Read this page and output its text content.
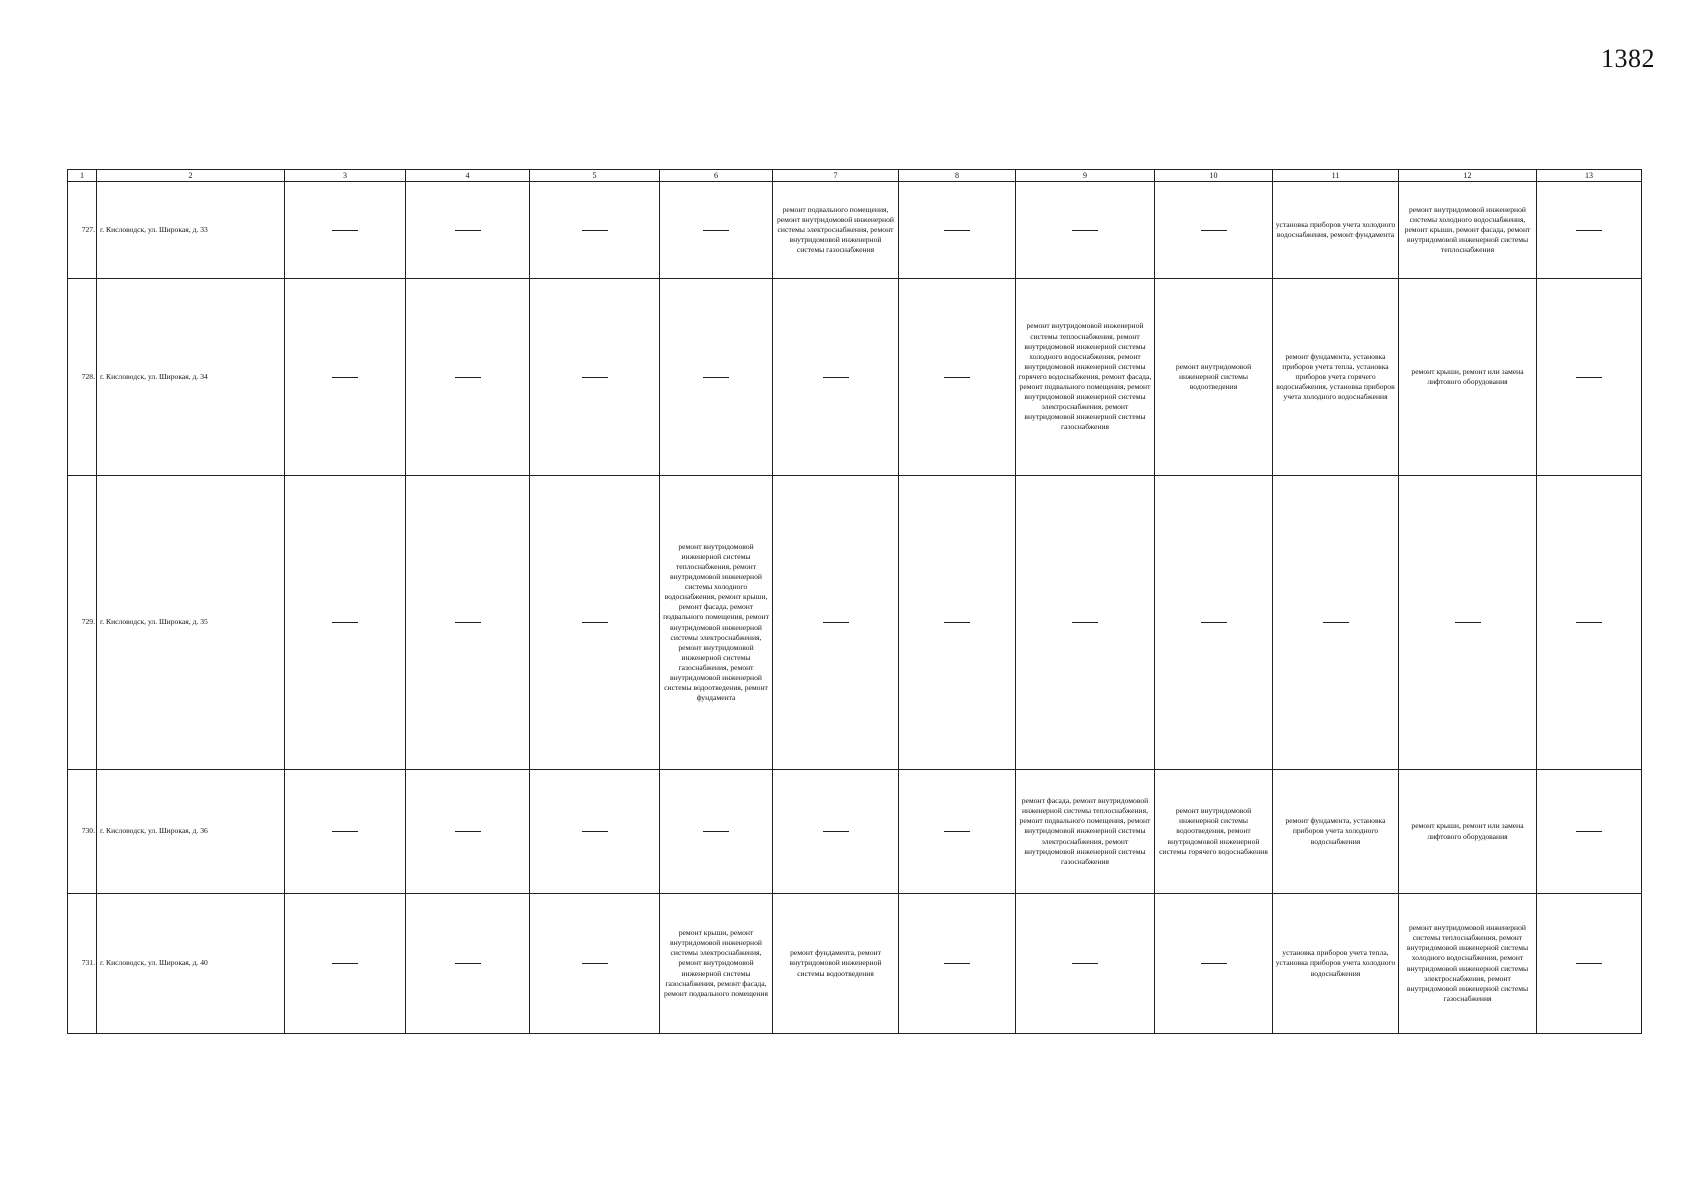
1382
1	2	3	4	5	6	7	8	9	10	11	12	13
727.	г. Кисловодск, ул. Широкая, д. 33					ремонт подвального помещения, ремонт внутридомовой инженерной системы электроснабжения, ремонт внутридомовой инженерной системы газоснабжения				установка приборов учета холодного водоснабжения, ремонт фундамента	ремонт внутридомовой инженерной системы холодного водоснабжения, ремонт крыши, ремонт фасада, ремонт внутридомовой инженерной системы теплоснабжения	
728.	г. Кисловодск, ул. Широкая, д. 34							ремонт внутридомовой инженерной системы теплоснабжения, ремонт внутридомовой инженерной системы холодного водоснабжения, ремонт внутридомовой инженерной системы горячего водоснабжения, ремонт фасада, ремонт подвального помещения, ремонт внутридомовой инженерной системы электроснабжения, ремонт внутридомовой инженерной системы газоснабжения	ремонт внутридомовой инженерной системы водоотведения	ремонт фундамента, установка приборов учета тепла, установка приборов учета горячего водоснабжения, установка приборов учета холодного водоснабжения	ремонт крыши, ремонт или замена лифтового оборудования	
729.	г. Кисловодск, ул. Широкая, д. 35				ремонт внутридомовой инженерной системы теплоснабжения, ремонт внутридомовой инженерной системы холодного водоснабжения, ремонт крыши, ремонт фасада, ремонт подвального помещения, ремонт внутридомовой инженерной системы электроснабжения, ремонт внутридомовой инженерной системы газоснабжения, ремонт внутридомовой инженерной системы водоотведения, ремонт фундамента							
730.	г. Кисловодск, ул. Широкая, д. 36							ремонт фасада, ремонт внутридомовой инженерной системы теплоснабжения, ремонт подвального помещения, ремонт внутридомовой инженерной системы электроснабжения, ремонт внутридомовой инженерной системы газоснабжения	ремонт внутридомовой инженерной системы водоотведения, ремонт внутридомовой инженерной системы горячего водоснабжения	ремонт фундамента, установка приборов учета холодного водоснабжения	ремонт крыши, ремонт или замена лифтового оборудования	
731.	г. Кисловодск, ул. Широкая, д. 40				ремонт крыши, ремонт внутридомовой инженерной системы электроснабжения, ремонт внутридомовой инженерной системы газоснабжения, ремонт фасада, ремонт подвального помещения	ремонт фундамента, ремонт внутридомовой инженерной системы водоотведения				установка приборов учета тепла, установка приборов учета холодного водоснабжения	ремонт внутридомовой инженерной системы теплоснабжения, ремонт внутридомовой инженерной системы холодного водоснабжения, ремонт внутридомовой инженерной системы электроснабжения, ремонт внутридомовой инженерной системы газоснабжения	
